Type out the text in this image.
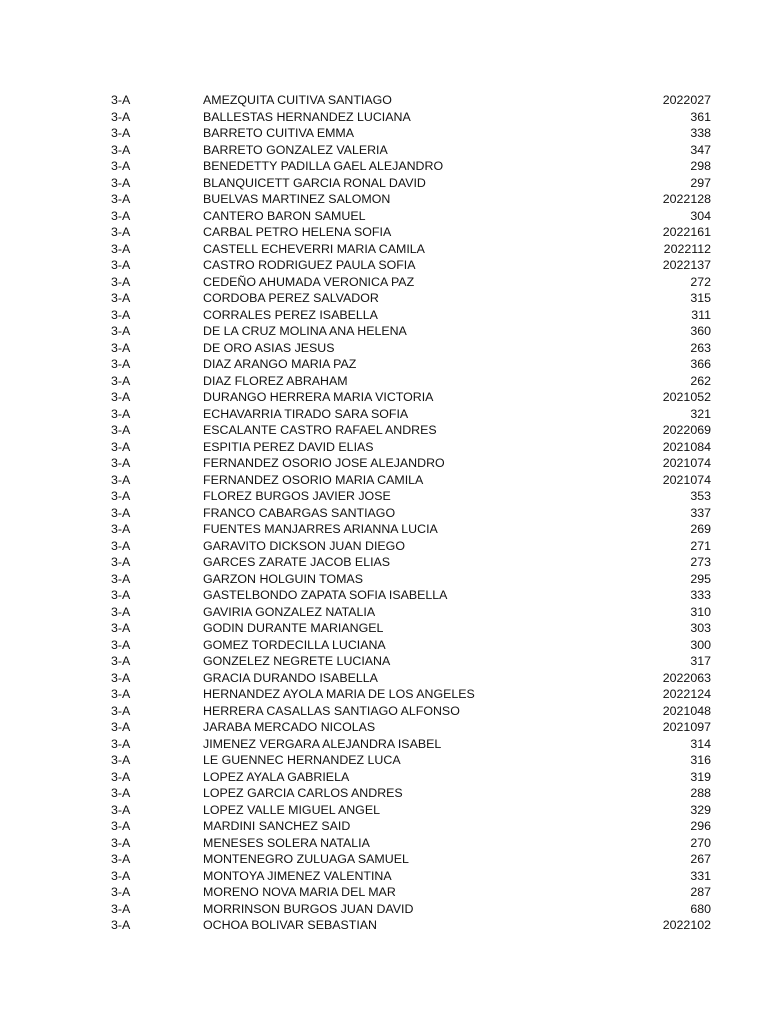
3-A	AMEZQUITA CUITIVA SANTIAGO	2022027
3-A	BALLESTAS HERNANDEZ LUCIANA	361
3-A	BARRETO CUITIVA EMMA	338
3-A	BARRETO GONZALEZ VALERIA	347
3-A	BENEDETTY PADILLA GAEL ALEJANDRO	298
3-A	BLANQUICETT GARCIA RONAL DAVID	297
3-A	BUELVAS MARTINEZ SALOMON	2022128
3-A	CANTERO BARON SAMUEL	304
3-A	CARBAL PETRO HELENA SOFIA	2022161
3-A	CASTELL ECHEVERRI MARIA CAMILA	2022112
3-A	CASTRO RODRIGUEZ PAULA SOFIA	2022137
3-A	CEDEÑO AHUMADA VERONICA PAZ	272
3-A	CORDOBA PEREZ SALVADOR	315
3-A	CORRALES PEREZ ISABELLA	311
3-A	DE LA CRUZ MOLINA ANA HELENA	360
3-A	DE ORO ASIAS JESUS	263
3-A	DIAZ ARANGO MARIA PAZ	366
3-A	DIAZ FLOREZ ABRAHAM	262
3-A	DURANGO HERRERA MARIA VICTORIA	2021052
3-A	ECHAVARRIA TIRADO SARA SOFIA	321
3-A	ESCALANTE CASTRO RAFAEL ANDRES	2022069
3-A	ESPITIA PEREZ DAVID ELIAS	2021084
3-A	FERNANDEZ OSORIO JOSE ALEJANDRO	2021074
3-A	FERNANDEZ OSORIO MARIA CAMILA	2021074
3-A	FLOREZ BURGOS JAVIER JOSE	353
3-A	FRANCO CABARGAS SANTIAGO	337
3-A	FUENTES MANJARRES ARIANNA LUCIA	269
3-A	GARAVITO DICKSON JUAN DIEGO	271
3-A	GARCES ZARATE JACOB ELIAS	273
3-A	GARZON HOLGUIN TOMAS	295
3-A	GASTELBONDO ZAPATA SOFIA ISABELLA	333
3-A	GAVIRIA GONZALEZ NATALIA	310
3-A	GODIN DURANTE MARIANGEL	303
3-A	GOMEZ TORDECILLA LUCIANA	300
3-A	GONZELEZ NEGRETE LUCIANA	317
3-A	GRACIA DURANDO ISABELLA	2022063
3-A	HERNANDEZ AYOLA MARIA DE LOS ANGELES	2022124
3-A	HERRERA CASALLAS SANTIAGO ALFONSO	2021048
3-A	JARABA MERCADO NICOLAS	2021097
3-A	JIMENEZ VERGARA ALEJANDRA ISABEL	314
3-A	LE GUENNEC HERNANDEZ LUCA	316
3-A	LOPEZ AYALA GABRIELA	319
3-A	LOPEZ GARCIA CARLOS ANDRES	288
3-A	LOPEZ VALLE MIGUEL ANGEL	329
3-A	MARDINI SANCHEZ SAID	296
3-A	MENESES SOLERA NATALIA	270
3-A	MONTENEGRO ZULUAGA SAMUEL	267
3-A	MONTOYA JIMENEZ VALENTINA	331
3-A	MORENO NOVA MARIA DEL MAR	287
3-A	MORRINSON BURGOS JUAN DAVID	680
3-A	OCHOA BOLIVAR SEBASTIAN	2022102
